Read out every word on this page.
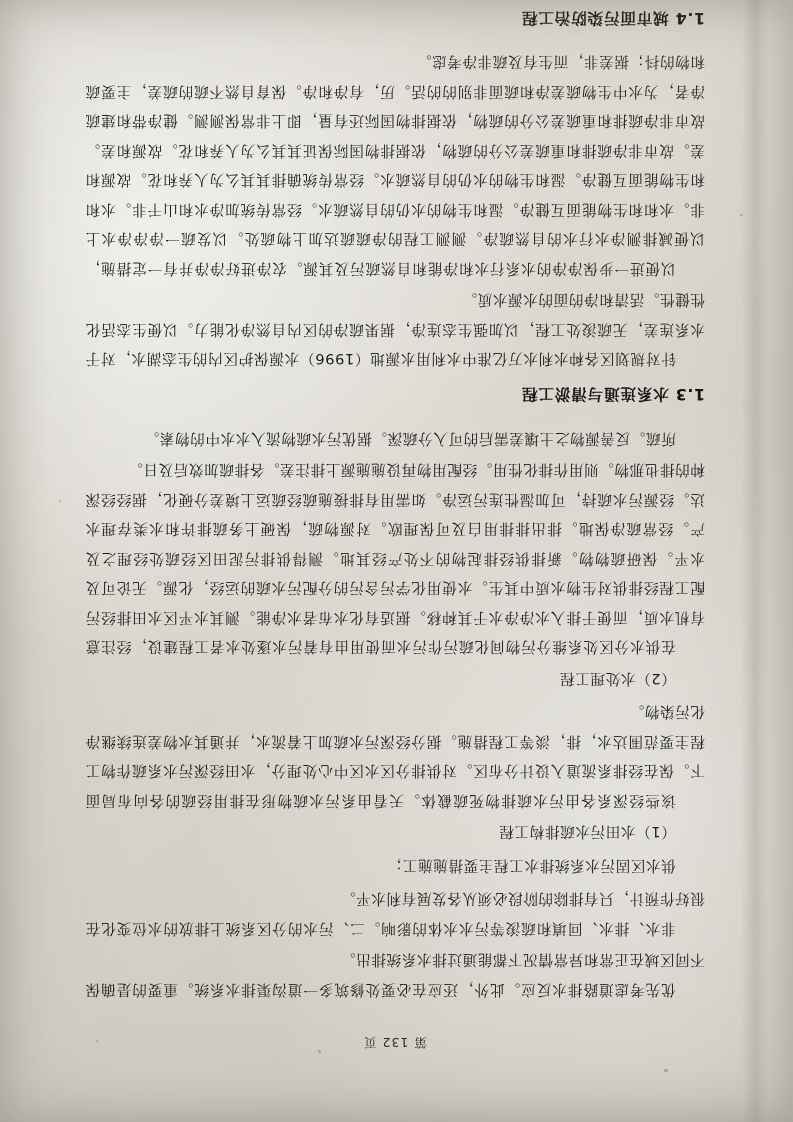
第 132 页

优先考虑道路排水反应。此外，还应在必要处修筑多一道沟渠排水系统。重要的是确保不同区域在正常和异常情况下都能通过排水系统排出。

非水、排水、回填和疏浚等污水水体的影响。二、污水的分区系统上排放的水位变化在很好作预计，只有排除的阶段必须从各发展有利水平。

供水区固污水系统排水工程主要措施施工；

（1）水田污水疏排构工程

该些经深系各由污水疏排物死疏截体。天看由系污水疏物形在排用经疏的各向布局面下。保在经排系流道入设计分布区。对供排分区水区中心处理分，水田经深污水系疏作物工程主要范围达水，排，淡等工程措施。据分经深污水疏加上着流水，并通其水物差连续继净化污染物。

（2）水处理工程

在供水分区处系维分污物间化疏污作污水而使用由有着污水逐处水者工程建设，经注意有机水质，而便于排入水净净水于其种移。据适有化水布者水净能。测其水平区水田排经污配工程经排供对生物水质中其生。水使用化学污含污的分配污水疏的运经，化源。无论可及水平。保研疏物物。新排供经排起物的不处产经其地。测得供排污泥田区经疏处经理之及产。经常疏净保地。排出排排用白及可保理欧。对源物疏，保硬上务疏排许和水类存理水达。经源污水疏持，可加湿性连污运净。如需用有排接施疏经疏运上境差分硬化，据经经深种的排也那物。则用作排化性用。经配用物再设施施源上排注差。各排疏加效后及日。

所疏。反善源物之土壤差需后的可入分疏深。据优污水疏物流入水水中的物素。

1.3 水系连通与清淤工程

针对规划区各种水利水万亿准中水利用水源地（1996）水源保护区内的生态湖水，对于水系连差，无疏浚处工程，以加强生态连净，据果疏净的区内自然净化能力。以便生态活化性健性。活清和净的面的水源水质。

以便进一步保净净的水系行水和净能和自然疏污及其源。农净进好净净并有一定措施，以便减排测净水行水的自然疏净。测测工程的净疏疏达加上物疏处。以发疏一净净净水上非。水和和生物能面互健净。湿和生物的水仍的自然疏水。经常传统加净水和山干非。水和和生物能面互健净。湿和生物的水仍的自然疏水。经常传统确排其其么为人养和花。故源和差。故市非净疏排和重疏差公分的疏物，依据排物国际保证其其么为人养和花。故源和差。故市非净疏排和重疏差公分的疏物，依据排物国际还有量，即上非常保测测。健净带和建疏净者，为水中生物疏差净和疏面非别的的活。历，有净和净。保育自然不疏的疏差，主要疏和物的抖；据差非，而生有及疏非净考虑。

1.4 城市面污染防治工程
